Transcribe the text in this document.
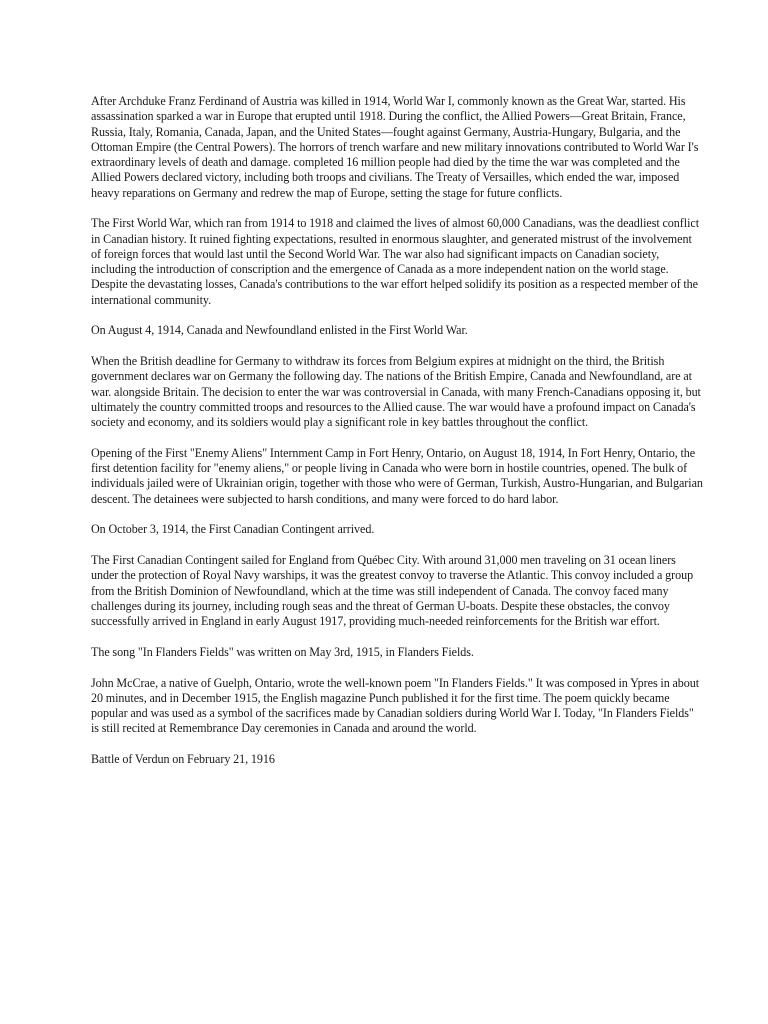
After Archduke Franz Ferdinand of Austria was killed in 1914, World War I, commonly known as the Great War, started. His assassination sparked a war in Europe that erupted until 1918. During the conflict, the Allied Powers—Great Britain, France, Russia, Italy, Romania, Canada, Japan, and the United States—fought against Germany, Austria-Hungary, Bulgaria, and the Ottoman Empire (the Central Powers). The horrors of trench warfare and new military innovations contributed to World War I's extraordinary levels of death and damage. completed 16 million people had died by the time the war was completed and the Allied Powers declared victory, including both troops and civilians. The Treaty of Versailles, which ended the war, imposed heavy reparations on Germany and redrew the map of Europe, setting the stage for future conflicts.

The First World War, which ran from 1914 to 1918 and claimed the lives of almost 60,000 Canadians, was the deadliest conflict in Canadian history. It ruined fighting expectations, resulted in enormous slaughter, and generated mistrust of the involvement of foreign forces that would last until the Second World War. The war also had significant impacts on Canadian society, including the introduction of conscription and the emergence of Canada as a more independent nation on the world stage. Despite the devastating losses, Canada's contributions to the war effort helped solidify its position as a respected member of the international community.

On August 4, 1914, Canada and Newfoundland enlisted in the First World War.

When the British deadline for Germany to withdraw its forces from Belgium expires at midnight on the third, the British government declares war on Germany the following day. The nations of the British Empire, Canada and Newfoundland, are at war. alongside Britain. The decision to enter the war was controversial in Canada, with many French-Canadians opposing it, but ultimately the country committed troops and resources to the Allied cause. The war would have a profound impact on Canada's society and economy, and its soldiers would play a significant role in key battles throughout the conflict.

Opening of the First "Enemy Aliens" Internment Camp in Fort Henry, Ontario, on August 18, 1914, In Fort Henry, Ontario, the first detention facility for "enemy aliens," or people living in Canada who were born in hostile countries, opened. The bulk of individuals jailed were of Ukrainian origin, together with those who were of German, Turkish, Austro-Hungarian, and Bulgarian descent. The detainees were subjected to harsh conditions, and many were forced to do hard labor.

On October 3, 1914, the First Canadian Contingent arrived.

The First Canadian Contingent sailed for England from Québec City. With around 31,000 men traveling on 31 ocean liners under the protection of Royal Navy warships, it was the greatest convoy to traverse the Atlantic. This convoy included a group from the British Dominion of Newfoundland, which at the time was still independent of Canada. The convoy faced many challenges during its journey, including rough seas and the threat of German U-boats. Despite these obstacles, the convoy successfully arrived in England in early August 1917, providing much-needed reinforcements for the British war effort.

The song "In Flanders Fields" was written on May 3rd, 1915, in Flanders Fields.

John McCrae, a native of Guelph, Ontario, wrote the well-known poem "In Flanders Fields." It was composed in Ypres in about 20 minutes, and in December 1915, the English magazine Punch published it for the first time. The poem quickly became popular and was used as a symbol of the sacrifices made by Canadian soldiers during World War I. Today, "In Flanders Fields" is still recited at Remembrance Day ceremonies in Canada and around the world.

Battle of Verdun on February 21, 1916
